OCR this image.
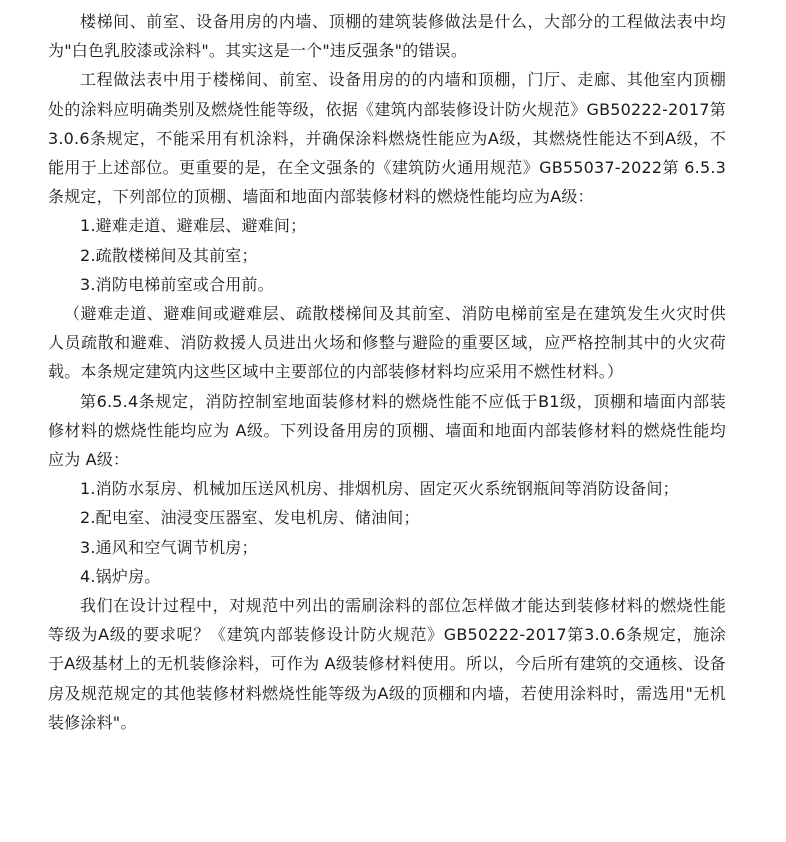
楼梯间、前室、设备用房的内墙、顶棚的建筑装修做法是什么，大部分的工程做法表中均为"白色乳胶漆或涂料"。其实这是一个"违反强条"的错误。

工程做法表中用于楼梯间、前室、设备用房的的内墙和顶棚，门厅、走廊、其他室内顶棚处的涂料应明确类别及燃烧性能等级，依据《建筑内部装修设计防火规范》GB50222-2017第3.0.6条规定，不能采用有机涂料，并确保涂料燃烧性能应为A级，其燃烧性能达不到A级，不能用于上述部位。更重要的是，在全文强条的《建筑防火通用规范》GB55037-2022第 6.5.3条规定，下列部位的顶棚、墙面和地面内部装修材料的燃烧性能均应为A级：

1.避难走道、避难层、避难间；

2.疏散楼梯间及其前室；

3.消防电梯前室或合用前。

（避难走道、避难间或避难层、疏散楼梯间及其前室、消防电梯前室是在建筑发生火灾时供人员疏散和避难、消防救援人员进出火场和修整与避险的重要区域，应严格控制其中的火灾荷载。本条规定建筑内这些区域中主要部位的内部装修材料均应采用不燃性材料。）

第6.5.4条规定，消防控制室地面装修材料的燃烧性能不应低于B1级，顶棚和墙面内部装修材料的燃烧性能均应为 A级。下列设备用房的顶棚、墙面和地面内部装修材料的燃烧性能均应为 A级：

1.消防水泵房、机械加压送风机房、排烟机房、固定灭火系统钢瓶间等消防设备间；

2.配电室、油浸变压器室、发电机房、储油间；

3.通风和空气调节机房；

4.锅炉房。

我们在设计过程中，对规范中列出的需刷涂料的部位怎样做才能达到装修材料的燃烧性能等级为A级的要求呢？《建筑内部装修设计防火规范》GB50222-2017第3.0.6条规定，施涂于A级基材上的无机装修涂料，可作为 A级装修材料使用。所以，今后所有建筑的交通核、设备房及规范规定的其他装修材料燃烧性能等级为A级的顶棚和内墙，若使用涂料时，需选用"无机装修涂料"。
